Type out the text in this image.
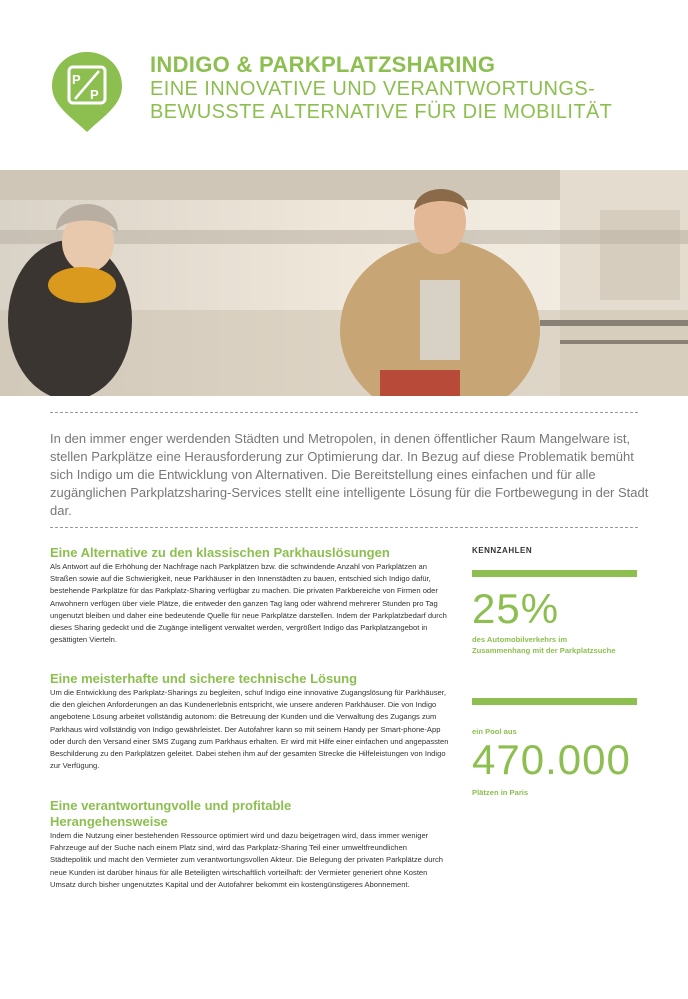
P
P
INDIGO & PARKPLATZSHARING
EINE INNOVATIVE UND VERANTWORTUNGS-
BEWUSSTE ALTERNATIVE FÜR DIE MOBILITÄT
In den immer enger werdenden Städten und Metropolen, in denen öffentlicher Raum Mangelware ist, stellen Parkplätze eine Herausforderung zur Optimierung dar. In Bezug auf diese Problematik bemüht sich Indigo um die Entwicklung von Alternativen. Die Bereitstellung eines einfachen und für alle zugänglichen Parkplatzsharing-Services stellt eine intelligente Lösung für die Fortbewegung in der Stadt dar.

Eine Alternative zu den klassischen Parkhauslösungen

Als Antwort auf die Erhöhung der Nachfrage nach Parkplätzen bzw. die schwindende Anzahl von Parkplätzen an Straßen sowie auf die Schwierigkeit, neue Parkhäuser in den Innenstädten zu bauen, entschied sich Indigo dafür, bestehende Parkplätze für das Parkplatz-Sharing verfügbar zu machen. Die privaten Parkbereiche von Firmen oder Anwohnern verfügen über viele Plätze, die entweder den ganzen Tag lang oder während mehrerer Stunden pro Tag ungenutzt bleiben und daher eine bedeutende Quelle für neue Parkplätze darstellen. Indem der Parkplatzbedarf durch dieses Sharing gedeckt und die Zugänge intelligent verwaltet werden, vergrößert Indigo das Parkplatzangebot in gesättigten Vierteln.

Eine meisterhafte und sichere technische Lösung

Um die Entwicklung des Parkplatz-Sharings zu begleiten, schuf Indigo eine innovative Zugangslösung für Parkhäuser, die den gleichen Anforderungen an das Kundenerlebnis entspricht, wie unsere anderen Parkhäuser. Die von Indigo angebotene Lösung arbeitet vollständig autonom: die Betreuung der Kunden und die Verwaltung des Zugangs zum Parkhaus wird vollständig von Indigo gewährleistet. Der Autofahrer kann so mit seinem Handy per Smart-phone-App oder durch den Versand einer SMS Zugang zum Parkhaus erhalten. Er wird mit Hilfe einer einfachen und angepassten Beschilderung zu den Parkplätzen geleitet. Dabei stehen ihm auf der gesamten Strecke die Hilfeleistungen von Indigo zur Verfügung.

Eine verantwortungvolle und profitable Herangehensweise

Indem die Nutzung einer bestehenden Ressource optimiert wird und dazu beigetragen wird, dass immer weniger Fahrzeuge auf der Suche nach einem Platz sind, wird das Parkplatz-Sharing Teil einer umweltfreundlichen Städtepolitik und macht den Vermieter zum verantwortungsvollen Akteur. Die Belegung der privaten Parkplätze durch neue Kunden ist darüber hinaus für alle Beteiligten wirtschaftlich vorteilhaft: der Vermieter generiert ohne Kosten Umsatz durch bisher ungenutztes Kapital und der Autofahrer bekommt ein kostengünstigeres Abonnement.

KENNZAHLEN
25%
des Automobilverkehrs im Zusammenhang mit der Parkplatzsuche
ein Pool aus
470.000
Plätzen in Paris
